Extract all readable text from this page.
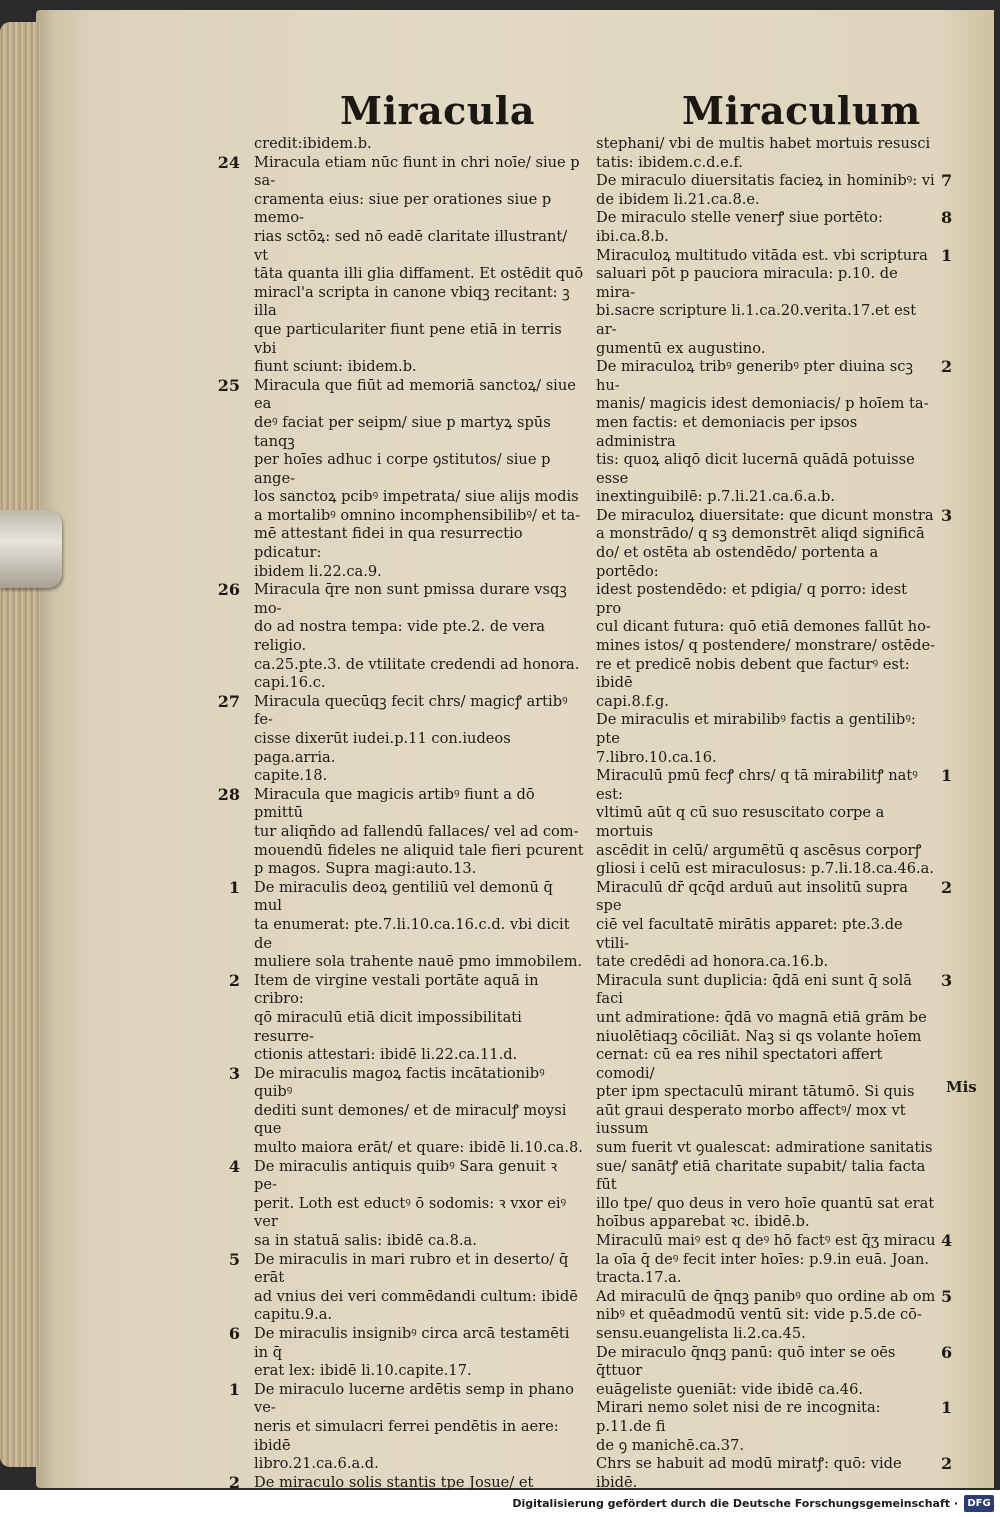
Miracula	Miraculum
credit:ibidem.b.
24 Miracula etiam nūc fiunt in chri noīe/ siue p sa-
cramenta eius: siue per orationes siue p memo-
rias sctōꝝ: sed nō eadē claritate illustrant/ vt
tāta quanta illi glia diffament. Et ostēdit quō
miracl'a scripta in canone vbiqꝫ recitant: ꝫ illa
que particulariter fiunt pene etiā in terris vbi
fiunt sciunt: ibidem.b.
25 Miracula que fiūt ad memoriā sanctoꝝ/ siue ea
deꝰ faciat per seipm/ siue p martyꝝ spūs tanqꝫ
per hoīes adhuc i corpe ꝯstitutos/ siue p ange-
los sanctoꝝ pcibꝰ impetrata/ siue alijs modis
a mortalibꝰ omnino incomphensibilibꝰ/ et ta-
mē attestant fidei in qua resurrectio pdicatur:
ibidem li.22.ca.9.
26 Miracula q̄re non sunt pmissa durare vsqꝫ mo-
do ad nostra tempa: vide pte.2. de vera religio.
ca.25.pte.3. de vtilitate credendi ad honora.
capi.16.c.
27 Miracula quecūqꝫ fecit chrs/ magicꝭ artibꝰ fe-
cisse dixerūt iudei.p.11 con.iudeos paga.arria.
capite.18.
28 Miracula que magicis artibꝰ fiunt a dō pmittū
tur aliqn̄do ad fallendū fallaces/ vel ad com-
mouendū fideles ne aliquid tale fieri pcurent
p magos. Supra magi:auto.13.
1 De miraculis deoꝝ gentiliū vel demonū q̄ mul
ta enumerat: pte.7.li.10.ca.16.c.d. vbi dicit de
muliere sola trahente nauē pmo immobilem.
2 Item de virgine vestali portāte aquā in cribro:
qō miraculū etiā dicit impossibilitati resurre-
ctionis attestari: ibidē li.22.ca.11.d.
3 De miraculis magoꝝ factis incātationibꝰ quibꝰ
dediti sunt demones/ et de miraculꝭ moysi que
multo maiora erāt/ et quare: ibidē li.10.ca.8.
4 De miraculis antiquis quibꝰ Sara genuit ꝛ pe-
perit. Loth est eductꝰ ō sodomis: ꝛ vxor eiꝰ ver
sa in statuā salis: ibidē ca.8.a.
5 De miraculis in mari rubro et in deserto/ q̄ erāt
ad vnius dei veri commēdandi cultum: ibidē
capitu.9.a.
6 De miraculis insignibꝰ circa arcā testamēti in q̄
erat lex: ibidē li.10.capite.17.
1 De miraculo lucerne ardētis semp in phano ve-
neris et simulacri ferrei pendētis in aere: ibidē
libro.21.ca.6.a.d.
2 De miraculo solis stantis tpe Josue/ et

stephani/ vbi de multis habet mortuis resusci
tatis: ibidem.c.d.e.f.
7
De miraculo diuersitatis facieꝝ in hominibꝰ: vi
de ibidem li.21.ca.8.e.
8
De miraculo stelle venerꝭ siue portēto: ibi.ca.8.b.
1
Miraculoꝝ multitudo vitāda est. vbi scriptura
saluari pōt p pauciora miracula: p.10. de mira-
bi.sacre scripture li.1.ca.20.verita.17.et est ar-
gumentū ex augustino.
2
De miraculoꝝ tribꝰ generibꝰ pter diuina scꝫ hu-
manis/ magicis idest demoniacis/ p hoīem ta-
men factis: et demoniacis per ipsos administra
tis: quoꝝ aliqō dicit lucernā quādā potuisse esse
inextinguibilē: p.7.li.21.ca.6.a.b.
3
De miraculoꝝ diuersitate: que dicunt monstra
a monstrādo/ q sꝫ demonstrēt aliqd significā
do/ et ostēta ab ostendēdo/ portenta a portēdo:
idest postendēdo: et pdigia/ q porro: idest pro
cul dicant futura: quō etiā demones fallūt ho-
mines istos/ q postendere/ monstrare/ ostēde-
re et predicē nobis debent que facturꝰ est: ibidē
capi.8.f.g.
De miraculis et mirabilibꝰ factis a gentilibꝰ: pte
7.libro.10.ca.16.
1
Miraculū pmū fecꝭ chrs/ q tā mirabilitꝭ natꝰ est:
vltimū aūt q cū suo resuscitato corpe a mortuis
ascēdit in celū/ argumētū q ascēsus corporꝭ
gliosi i celū est miraculosus: p.7.li.18.ca.46.a.
2
Miraculū dr̄ qcq̄d arduū aut insolitū supra spe
ciē vel facultatē mirātis apparet: pte.3.de vtili-
tate credēdi ad honora.ca.16.b.
3
Miracula sunt duplicia: q̄dā eni sunt q̄ solā faci
unt admiratione: q̄dā vo magnā etiā grām be
niuolētiaqꝫ cōciliāt. Naꝫ si qs volante hoīem
cernat: cū ea res nihil spectatori affert comodi/
pter ipm spectaculū mirant tātumō. Si quis
aūt graui desperato morbo affectꝰ/ mox vt iussum
sum fuerit vt ꝯualescat: admiratione sanitatis
sue/ sanātꝭ etiā charitate supabit/ talia facta fūt
illo tpe/ quo deus in vero hoīe quantū sat erat
hoībus apparebat ꝛc. ibidē.b.
4
Miraculū maiꝰ est q deꝰ hō factꝰ est q̄ʒ miracu
la oīa q̄ deꝰ fecit inter hoīes: p.9.in euā. Joan.
tracta.17.a.
5
Ad miraculū de q̄nqꝫ panibꝰ quo ordine ab om
nibꝰ et quēadmodū ventū sit: vide p.5.de cō-
sensu.euangelista li.2.ca.45.
6
De miraculo q̄nqꝫ panū: quō inter se oēs q̄ttuor
euāgeliste ꝯueniāt: vide ibidē ca.46.
1
Mirari nemo solet nisi de re incognita: p.11.de fi
de ꝯ manichē.ca.37.
2
Chrs se habuit ad modū miratꝭ: quō: vide ibidē.
Mis
Digitalisierung gefördert durch die Deutsche Forschungsgemeinschaft · DFG
